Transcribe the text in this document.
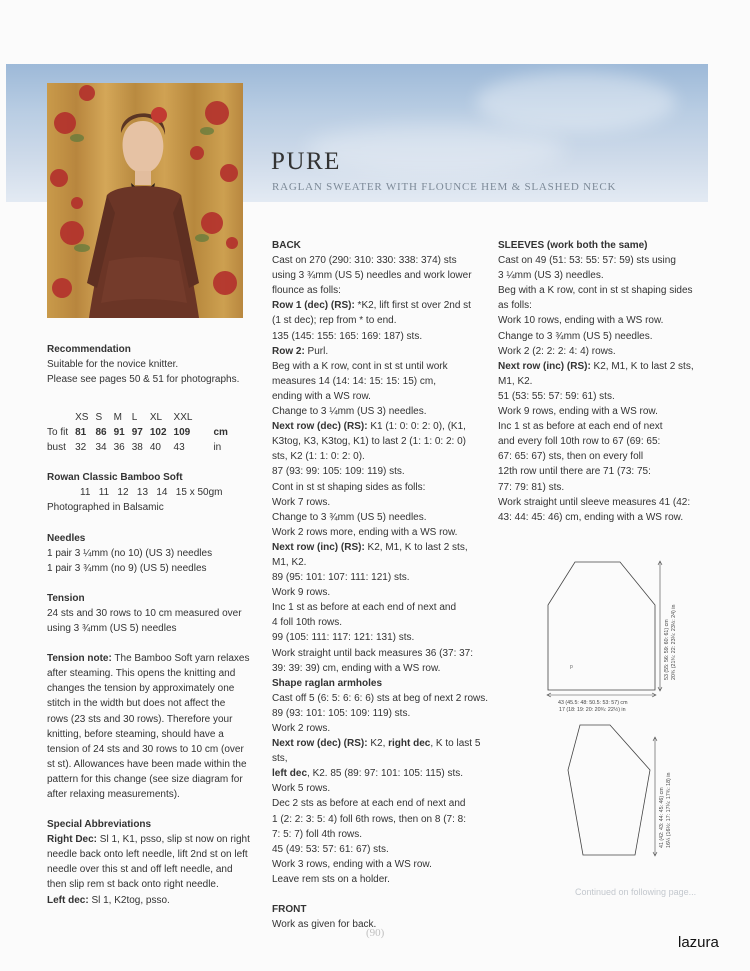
PURE
RAGLAN SWEATER WITH FLOUNCE HEM & SLASHED NECK

Recommendation

Suitable for the novice knitter.

Please see pages 50 & 51 for photographs.

	XS	S	M	L	XL	XXL	
To fit	81	86	91	97	102	109	cm
bust	32	34	36	38	40	43	in

Rowan Classic Bamboo Soft

11   11   12   13   14   15 x 50gm

Photographed in Balsamic

Needles

1 pair 3 ¼mm (no 10) (US 3) needles

1 pair 3 ¾mm (no 9) (US 5) needles

Tension

24 sts and 30 rows to 10 cm measured over

using 3 ¾mm (US 5) needles

Tension note: The Bamboo Soft yarn relaxes

after steaming. This opens the knitting and

changes the tension by approximately one

stitch in the width but does not affect the

rows (23 sts and 30 rows). Therefore your

knitting, before steaming, should have a

tension of 24 sts and 30 rows to 10 cm (over

st st). Allowances have been made within the

pattern for this change (see size diagram for

after relaxing measurements).

Special Abbreviations

Right Dec: Sl 1, K1, psso, slip st now on right

needle back onto left needle, lift 2nd st on left

needle over this st and off left needle, and

then slip rem st back onto right needle.

Left dec: Sl 1, K2tog, psso.

BACK

Cast on 270 (290: 310: 330: 338: 374) sts

using 3 ¾mm (US 5) needles and work lower

flounce as folls:

Row 1 (dec) (RS): *K2, lift first st over 2nd st

(1 st dec); rep from * to end.

135 (145: 155: 165: 169: 187) sts.

Row 2: Purl.

Beg with a K row, cont in st st until work

measures 14 (14: 14: 15: 15: 15) cm,

ending with a WS row.

Change to 3 ¼mm (US 3) needles.

Next row (dec) (RS): K1 (1: 0: 0: 2: 0), (K1,

K3tog, K3, K3tog, K1) to last 2 (1: 1: 0: 2: 0)

sts, K2 (1: 1: 0: 2: 0).

87 (93: 99: 105: 109: 119) sts.

Cont in st st shaping sides as folls:

Work 7 rows.

Change to 3 ¾mm (US 5) needles.

Work 2 rows more, ending with a WS row.

Next row (inc) (RS): K2, M1, K to last 2 sts,

M1, K2.

89 (95: 101: 107: 111: 121) sts.

Work 9 rows.

Inc 1 st as before at each end of next and

4 foll 10th rows.

99 (105: 111: 117: 121: 131) sts.

Work straight until back measures 36 (37: 37:

39: 39: 39) cm, ending with a WS row.

Shape raglan armholes

Cast off 5 (6: 5: 6: 6: 6) sts at beg of next 2 rows.

89 (93: 101: 105: 109: 119) sts.

Work 2 rows.

Next row (dec) (RS): K2, right dec, K to last 5 sts,

left dec, K2. 85 (89: 97: 101: 105: 115) sts.

Work 5 rows.

Dec 2 sts as before at each end of next and

1 (2: 2: 3: 5: 4) foll 6th rows, then on 8 (7: 8:

7: 5: 7) foll 4th rows.

45 (49: 53: 57: 61: 67) sts.

Work 3 rows, ending with a WS row.

Leave rem sts on a holder.

FRONT

Work as given for back.

SLEEVES (work both the same)

Cast on 49 (51: 53: 55: 57: 59) sts using

3 ¼mm (US 3) needles.

Beg with a K row, cont in st st shaping sides

as folls:

Work 10 rows, ending with a WS row.

Change to 3 ¾mm (US 5) needles.

Work 2 (2: 2: 2: 4: 4) rows.

Next row (inc) (RS): K2, M1, K to last 2 sts,

M1, K2.

51 (53: 55: 57: 59: 61) sts.

Work 9 rows, ending with a WS row.

Inc 1 st as before at each end of next

and every foll 10th row to 67 (69: 65:

67: 65: 67) sts, then on every foll

12th row until there are 71 (73: 75:

77: 79: 81) sts.

Work straight until sleeve measures 41 (42:

43: 44: 45: 46) cm, ending with a WS row.

p	53 (55: 56: 59: 60: 61) cm 20¾ (21¾: 22: 23¼: 23½: 24) in
43 (45.5: 48: 50.5: 53: 57) cm
17 (18: 19: 20: 20¾: 22½) in
41 (42: 43: 44: 45: 46) cm 16¼ (16½: 17: 17¼: 17¾: 18) in
Continued on following page...
(90)
lazura
